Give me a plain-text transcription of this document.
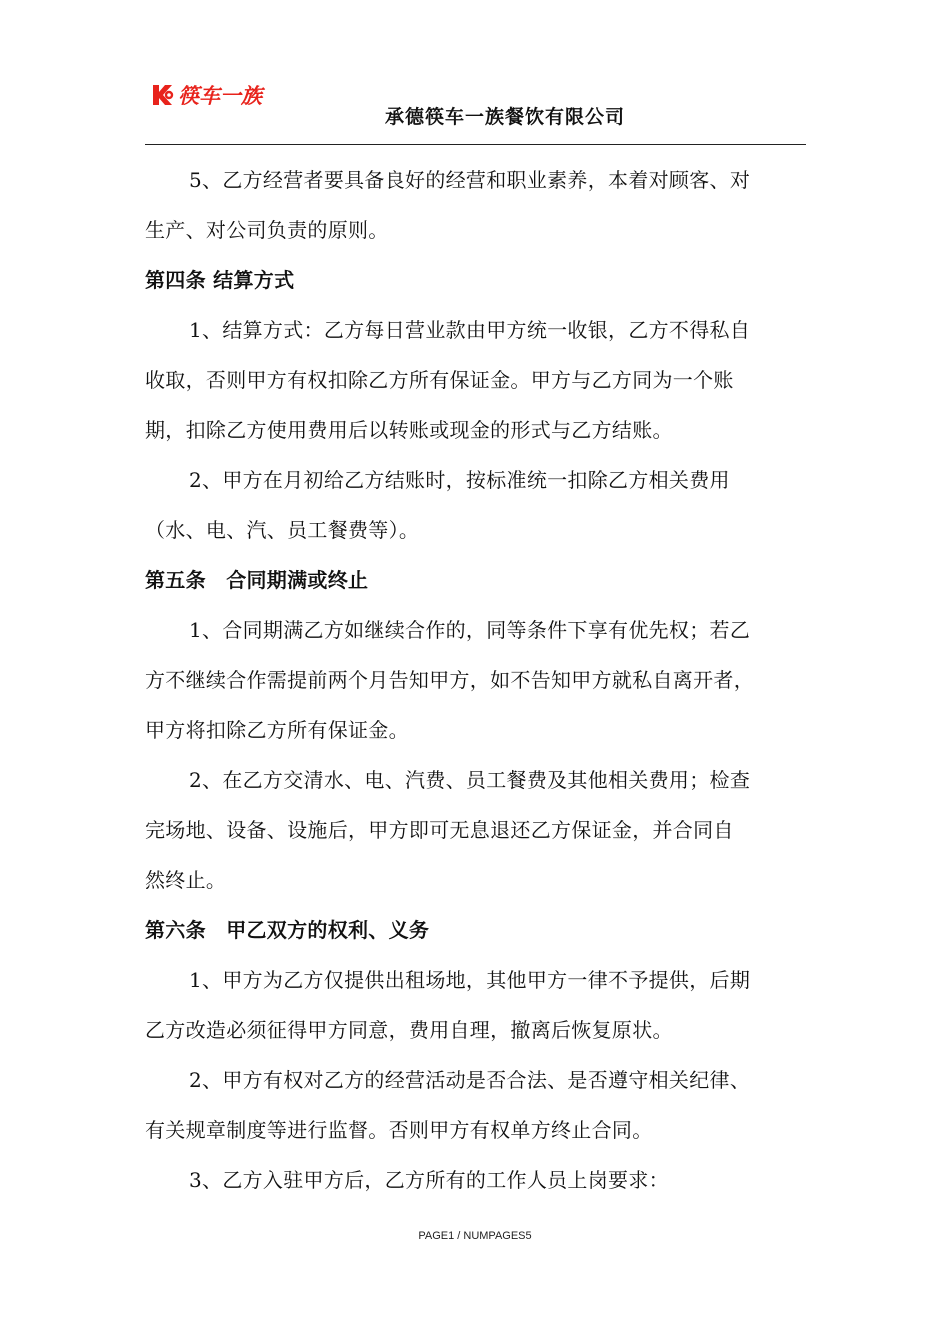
筷车一族
承德筷车一族餐饮有限公司
5、乙方经营者要具备良好的经营和职业素养，本着对顾客、对
生产、对公司负责的原则。
第四条 结算方式
1、结算方式：乙方每日营业款由甲方统一收银，乙方不得私自
收取，否则甲方有权扣除乙方所有保证金。甲方与乙方同为一个账
期，扣除乙方使用费用后以转账或现金的形式与乙方结账。
2、甲方在月初给乙方结账时，按标准统一扣除乙方相关费用
（水、电、汽、员工餐费等）。
第五条　合同期满或终止
1、合同期满乙方如继续合作的，同等条件下享有优先权；若乙
方不继续合作需提前两个月告知甲方，如不告知甲方就私自离开者，
甲方将扣除乙方所有保证金。
2、在乙方交清水、电、汽费、员工餐费及其他相关费用；检查
完场地、设备、设施后，甲方即可无息退还乙方保证金，并合同自
然终止。
第六条　甲乙双方的权利、义务
1、甲方为乙方仅提供出租场地，其他甲方一律不予提供，后期
乙方改造必须征得甲方同意，费用自理，撤离后恢复原状。
2、甲方有权对乙方的经营活动是否合法、是否遵守相关纪律、
有关规章制度等进行监督。否则甲方有权单方终止合同。
3、乙方入驻甲方后，乙方所有的工作人员上岗要求：
PAGE1 / NUMPAGES5
